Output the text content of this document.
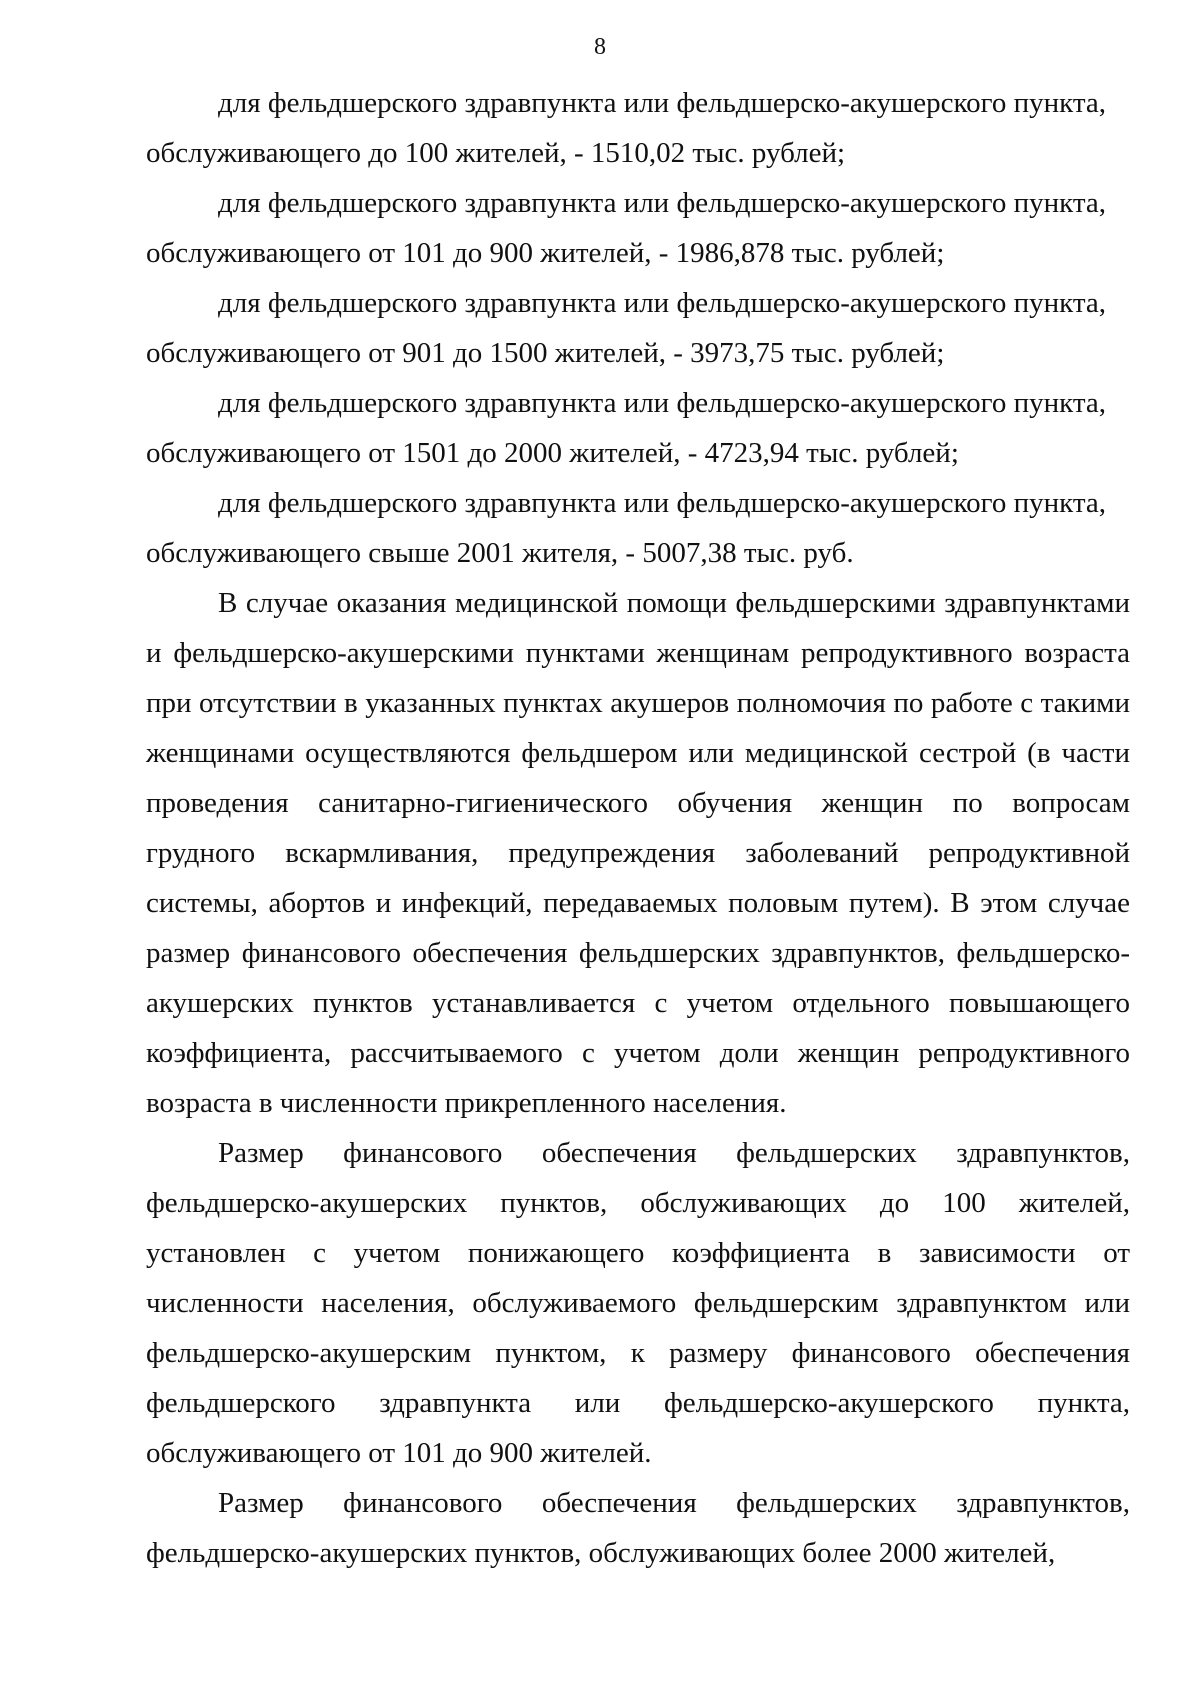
8

для фельдшерского здравпункта или фельдшерско-акушерского пункта, обслуживающего до 100 жителей, - 1510,02 тыс. рублей;

для фельдшерского здравпункта или фельдшерско-акушерского пункта, обслуживающего от 101 до 900 жителей, - 1986,878 тыс. рублей;

для фельдшерского здравпункта или фельдшерско-акушерского пункта, обслуживающего от 901 до 1500 жителей, - 3973,75 тыс. рублей;

для фельдшерского здравпункта или фельдшерско-акушерского пункта, обслуживающего от 1501 до 2000 жителей, - 4723,94 тыс. рублей;

для фельдшерского здравпункта или фельдшерско-акушерского пункта, обслуживающего свыше 2001 жителя, - 5007,38 тыс. руб.

В случае оказания медицинской помощи фельдшерскими здравпунктами и фельдшерско-акушерскими пунктами женщинам репродуктивного возраста при отсутствии в указанных пунктах акушеров полномочия по работе с такими женщинами осуществляются фельдшером или медицинской сестрой (в части проведения санитарно-гигиенического обучения женщин по вопросам грудного вскармливания, предупреждения заболеваний репродуктивной системы, абортов и инфекций, передаваемых половым путем). В этом случае размер финансового обеспечения фельдшерских здравпунктов, фельдшерско-акушерских пунктов устанавливается с учетом отдельного повышающего коэффициента, рассчитываемого с учетом доли женщин репродуктивного возраста в численности прикрепленного населения.

Размер финансового обеспечения фельдшерских здравпунктов, фельдшерско-акушерских пунктов, обслуживающих до 100 жителей, установлен с учетом понижающего коэффициента в зависимости от численности населения, обслуживаемого фельдшерским здравпунктом или фельдшерско-акушерским пунктом, к размеру финансового обеспечения фельдшерского здравпункта или фельдшерско-акушерского пункта, обслуживающего от 101 до 900 жителей.

Размер финансового обеспечения фельдшерских здравпунктов, фельдшерско-акушерских пунктов, обслуживающих более 2000 жителей,
